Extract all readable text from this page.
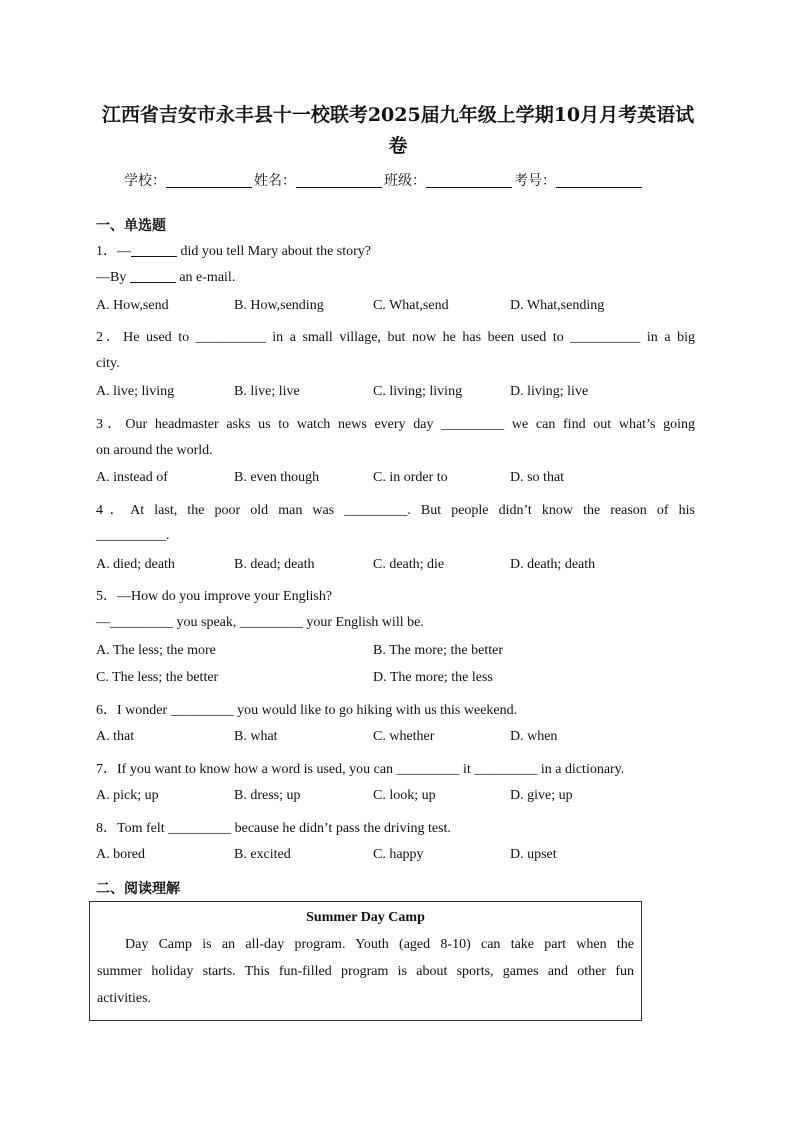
江西省吉安市永丰县十一校联考2025届九年级上学期10月月考英语试
卷
学校：	姓名：	班级：	考号：
一、单选题
1．—	did you tell Mary about the story?
—By	an e-mail.
A. How,send	B. How,sending	C. What,send	D. What,sending
2．He used to __________ in a small village, but now he has been used to __________ in a big
city.
A. live; living	B. live; live	C. living; living	D. living; live
3．Our headmaster asks us to watch news every day _________ we can find out what’s going
on around the world.
A. instead of	B. even though	C. in order to	D. so that
4．At last, the poor old man was _________. But people didn’t know the reason of his
__________.
A. died; death	B. dead; death	C. death; die	D. death; death
5．—How do you improve your English?
—_________ you speak, _________ your English will be.
A. The less; the more	B. The more; the better
C. The less; the better	D. The more; the less
6．I wonder _________ you would like to go hiking with us this weekend.
A. that	B. what	C. whether	D. when
7．If you want to know how a word is used, you can _________ it _________ in a dictionary.
A. pick; up	B. dress; up	C. look; up	D. give; up
8．Tom felt _________ because he didn’t pass the driving test.
A. bored	B. excited	C. happy	D. upset
二、阅读理解
Summer Day Camp
Day Camp is an all-day program. Youth (aged 8-10) can take part when the
summer holiday starts. This fun-filled program is about sports, games and other fun
activities.
